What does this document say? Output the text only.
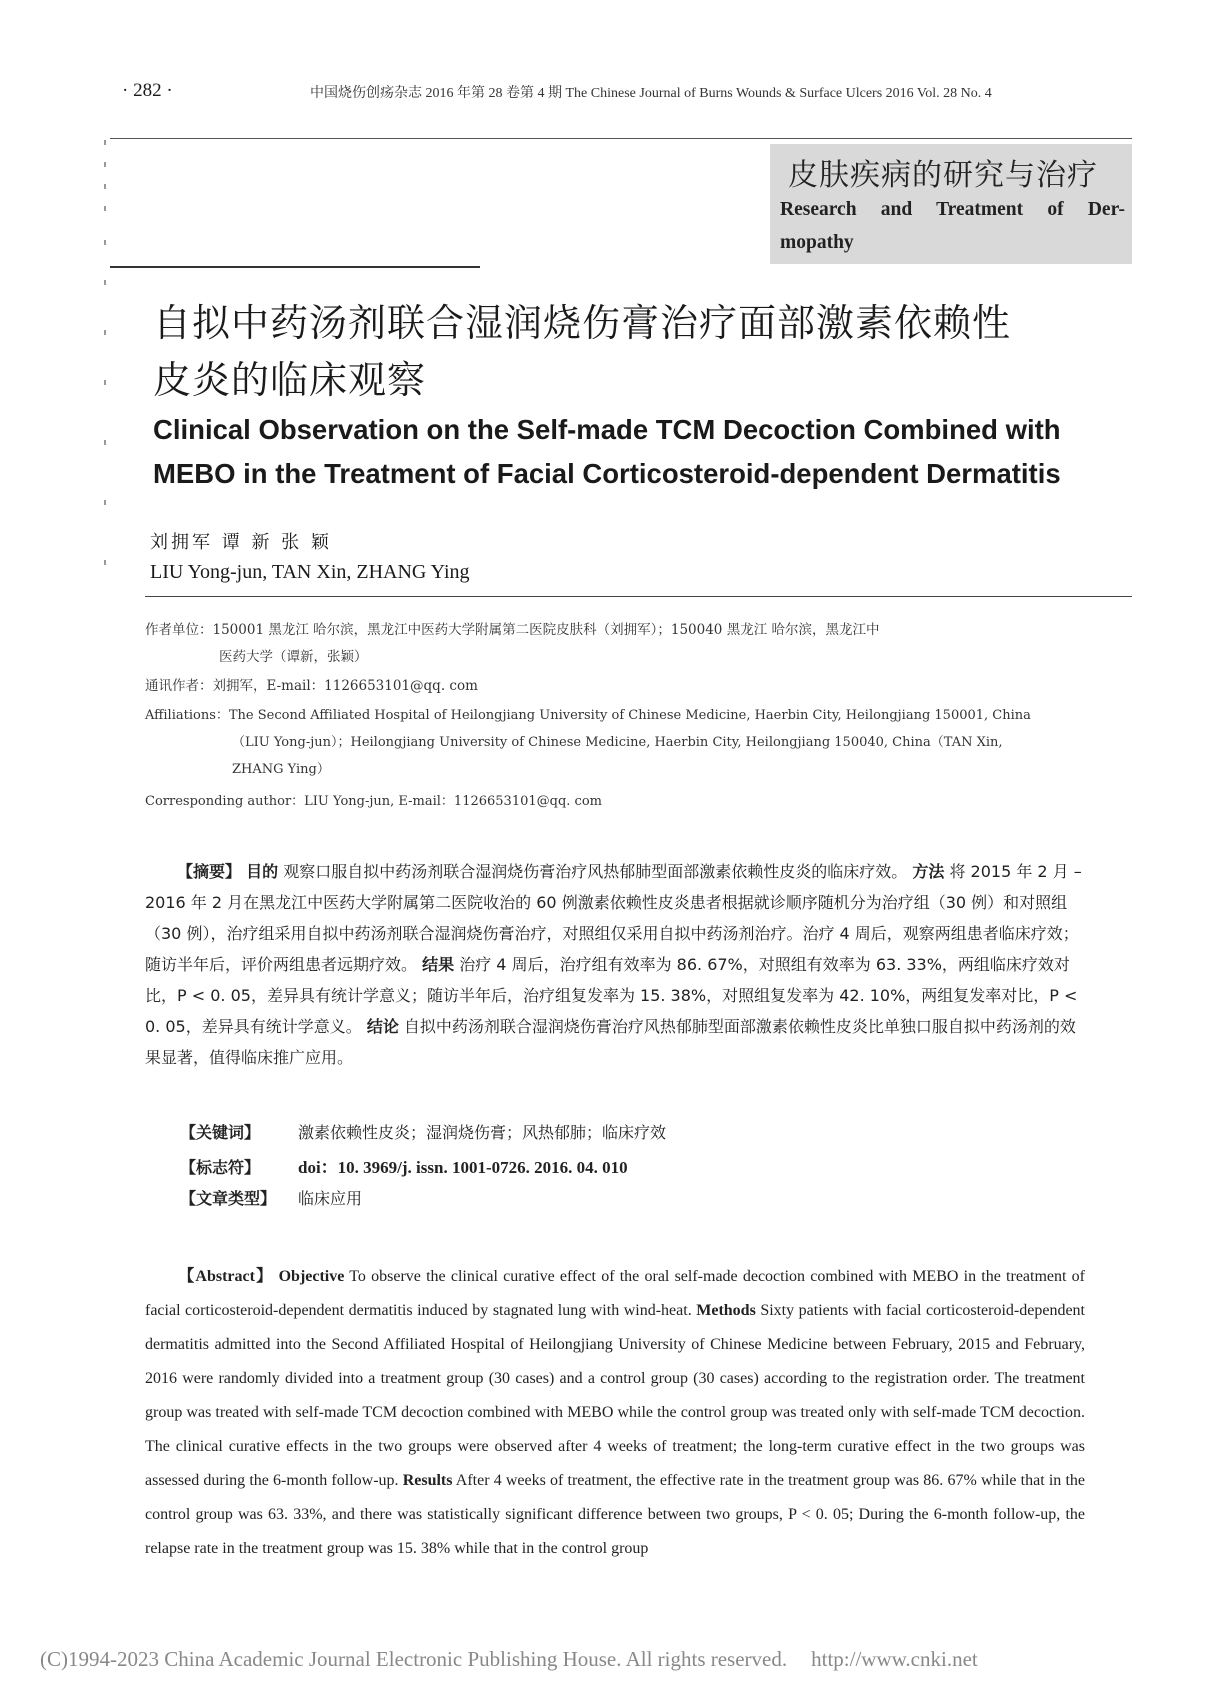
· 282 ·	中国烧伤创疡杂志 2016 年第 28 卷第 4 期 The Chinese Journal of Burns Wounds & Surface Ulcers 2016 Vol. 28 No. 4
皮肤疾病的研究与治疗
Research and Treatment of Der-
mopathy
自拟中药汤剂联合湿润烧伤膏治疗面部激素依赖性
皮炎的临床观察
Clinical Observation on the Self-made TCM Decoction Combined with
MEBO in the Treatment of Facial Corticosteroid-dependent Dermatitis
刘拥军 谭 新 张 颖
LIU Yong-jun, TAN Xin, ZHANG Ying
作者单位：150001 黑龙江 哈尔滨，黑龙江中医药大学附属第二医院皮肤科（刘拥军）；150040 黑龙江 哈尔滨，黑龙江中
医药大学（谭新，张颖）
通讯作者：刘拥军，E-mail：1126653101@qq. com
Affiliations：The Second Affiliated Hospital of Heilongjiang University of Chinese Medicine, Haerbin City, Heilongjiang 150001, China
（LIU Yong-jun）；Heilongjiang University of Chinese Medicine, Haerbin City, Heilongjiang 150040, China（TAN Xin,
ZHANG Ying）
Corresponding author：LIU Yong-jun, E-mail：1126653101@qq. com
【摘要】 目的 观察口服自拟中药汤剂联合湿润烧伤膏治疗风热郁肺型面部激素依赖性皮炎的临床疗效。 方法 将 2015 年 2 月 – 2016 年 2 月在黑龙江中医药大学附属第二医院收治的 60 例激素依赖性皮炎患者根据就诊顺序随机分为治疗组（30 例）和对照组（30 例），治疗组采用自拟中药汤剂联合湿润烧伤膏治疗，对照组仅采用自拟中药汤剂治疗。治疗 4 周后，观察两组患者临床疗效；随访半年后，评价两组患者远期疗效。 结果 治疗 4 周后，治疗组有效率为 86. 67%，对照组有效率为 63. 33%，两组临床疗效对比，P < 0. 05，差异具有统计学意义；随访半年后，治疗组复发率为 15. 38%，对照组复发率为 42. 10%，两组复发率对比，P < 0. 05，差异具有统计学意义。 结论 自拟中药汤剂联合湿润烧伤膏治疗风热郁肺型面部激素依赖性皮炎比单独口服自拟中药汤剂的效果显著，值得临床推广应用。
【关键词】 激素依赖性皮炎；湿润烧伤膏；风热郁肺；临床疗效
【标志符】 doi：10. 3969/j. issn. 1001-0726. 2016. 04. 010
【文章类型】 临床应用
【Abstract】 Objective To observe the clinical curative effect of the oral self-made decoction combined with MEBO in the treatment of facial corticosteroid-dependent dermatitis induced by stagnated lung with wind-heat. Methods Sixty patients with facial corticosteroid-dependent dermatitis admitted into the Second Affiliated Hospital of Heilongjiang University of Chinese Medicine between February, 2015 and February, 2016 were randomly divided into a treatment group (30 cases) and a control group (30 cases) according to the registration order. The treatment group was treated with self-made TCM decoction combined with MEBO while the control group was treated only with self-made TCM decoction. The clinical curative effects in the two groups were observed after 4 weeks of treatment; the long-term curative effect in the two groups was assessed during the 6-month follow-up. Results After 4 weeks of treatment, the effective rate in the treatment group was 86. 67% while that in the control group was 63. 33%, and there was statistically significant difference between two groups, P < 0. 05; During the 6-month follow-up, the relapse rate in the treatment group was 15. 38% while that in the control group
(C)1994-2023 China Academic Journal Electronic Publishing House. All rights reserved. http://www.cnki.net
